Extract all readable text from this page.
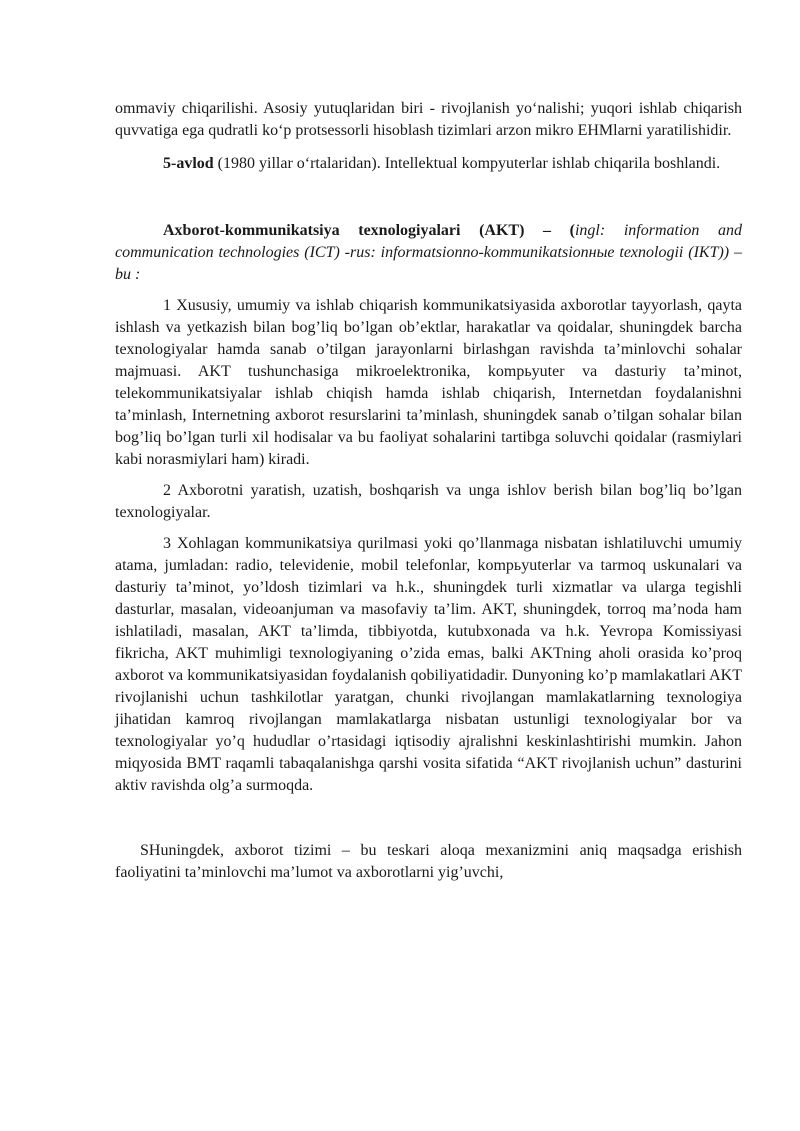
ommaviy chiqarilishi. Asosiy yutuqlaridan biri - rivojlanish yo‘nalishi; yuqori ishlab chiqarish quvvatiga ega qudratli ko‘p protsessorli hisoblash tizimlari arzon mikro EHMlarni yaratilishidir.

5-avlod (1980 yillar o‘rtalaridan). Intellektual kompyuterlar ishlab chiqarila boshlandi.

Axborot-kommunikatsiya texnologiyalari (AKT) – (ingl: information and communication technologies (ICT) -rus: informatsionno-kommunikatsionные texnologii (IKT)) – bu :

1 Xususiy, umumiy va ishlab chiqarish kommunikatsiyasida axborotlar tayyorlash, qayta ishlash va yetkazish bilan bog’liq bo’lgan ob’ektlar, harakatlar va qoidalar, shuningdek barcha texnologiyalar hamda sanab o’tilgan jarayonlarni birlashgan ravishda ta’minlovchi sohalar majmuasi. AKT tushunchasiga mikroelektronika, kompьyuter va dasturiy ta’minot, telekommunikatsiyalar ishlab chiqish hamda ishlab chiqarish, Internetdan foydalanishni ta’minlash, Internetning axborot resurslarini ta’minlash, shuningdek sanab o’tilgan sohalar bilan bog’liq bo’lgan turli xil hodisalar va bu faoliyat sohalarini tartibga soluvchi qoidalar (rasmiylari kabi norasmiylari ham) kiradi.

2 Axborotni yaratish, uzatish, boshqarish va unga ishlov berish bilan bog’liq bo’lgan texnologiyalar.

3 Xohlagan kommunikatsiya qurilmasi yoki qo’llanmaga nisbatan ishlatiluvchi umumiy atama, jumladan: radio, televidenie, mobil telefonlar, kompьyuterlar va tarmoq uskunalari va dasturiy ta’minot, yo’ldosh tizimlari va h.k., shuningdek turli xizmatlar va ularga tegishli dasturlar, masalan, videoanjuman va masofaviy ta’lim. AKT, shuningdek, torroq ma’noda ham ishlatiladi, masalan, AKT ta’limda, tibbiyotda, kutubxonada va h.k. Yevropa Komissiyasi fikricha, AKT muhimligi texnologiyaning o’zida emas, balki AKTning aholi orasida ko’proq axborot va kommunikatsiyasidan foydalanish qobiliyatidadir. Dunyoning ko’p mamlakatlari AKT rivojlanishi uchun tashkilotlar yaratgan, chunki rivojlangan mamlakatlarning texnologiya jihatidan kamroq rivojlangan mamlakatlarga nisbatan ustunligi texnologiyalar bor va texnologiyalar yo’q hududlar o’rtasidagi iqtisodiy ajralishni keskinlashtirishi mumkin. Jahon miqyosida BMT raqamli tabaqalanishga qarshi vosita sifatida “AKT rivojlanish uchun” dasturini aktiv ravishda olg’a surmoqda.

SHuningdek, axborot tizimi – bu teskari aloqa mexanizmini aniq maqsadga erishish faoliyatini ta’minlovchi ma’lumot va axborotlarni yig’uvchi,
